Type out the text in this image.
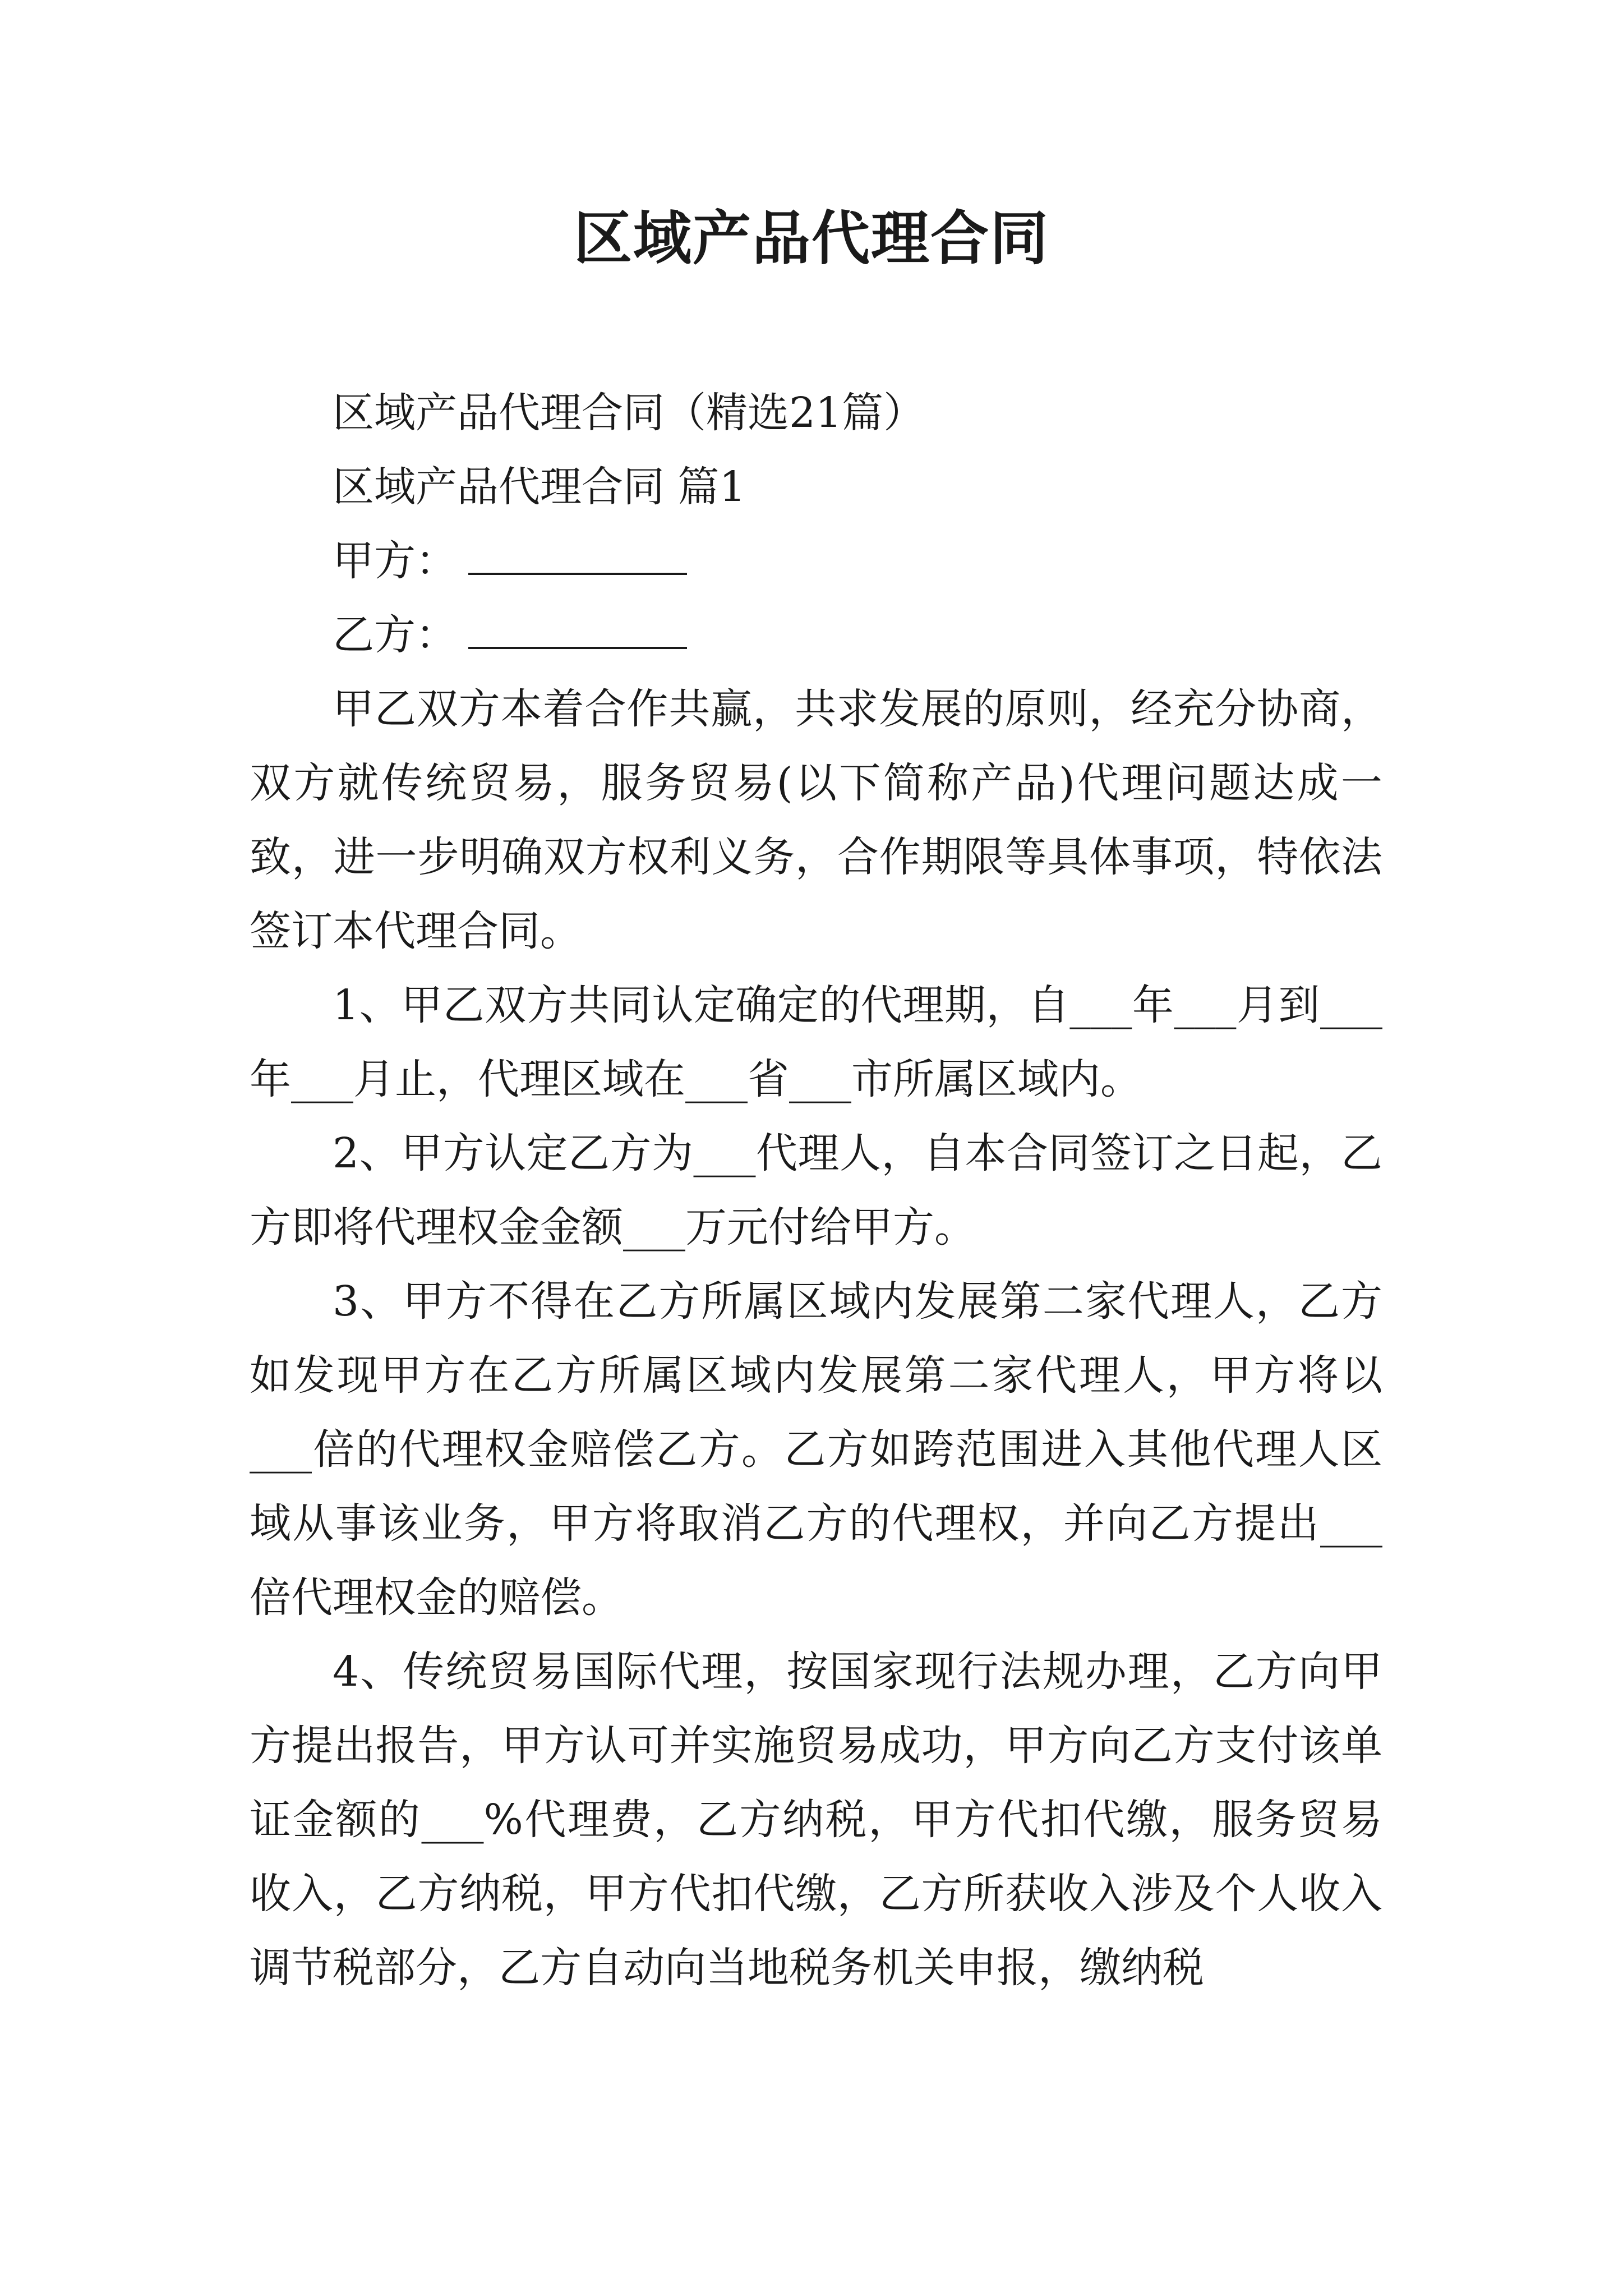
区域产品代理合同
区域产品代理合同（精选21篇）
区域产品代理合同 篇1
甲方：
乙方：

甲乙双方本着合作共赢，共求发展的原则，经充分协商，双方就传统贸易，服务贸易(以下简称产品)代理问题达成一致，进一步明确双方权利义务，合作期限等具体事项，特依法签订本代理合同。

1、甲乙双方共同认定确定的代理期，自___年___月到___年___月止，代理区域在___省___市所属区域内。

2、甲方认定乙方为___代理人，自本合同签订之日起，乙方即将代理权金金额___万元付给甲方。

3、甲方不得在乙方所属区域内发展第二家代理人，乙方如发现甲方在乙方所属区域内发展第二家代理人，甲方将以___倍的代理权金赔偿乙方。乙方如跨范围进入其他代理人区域从事该业务，甲方将取消乙方的代理权，并向乙方提出___倍代理权金的赔偿。

4、传统贸易国际代理，按国家现行法规办理，乙方向甲方提出报告，甲方认可并实施贸易成功，甲方向乙方支付该单证金额的___%代理费，乙方纳税，甲方代扣代缴，服务贸易收入，乙方纳税，甲方代扣代缴，乙方所获收入涉及个人收入调节税部分，乙方自动向当地税务机关申报，缴纳税
